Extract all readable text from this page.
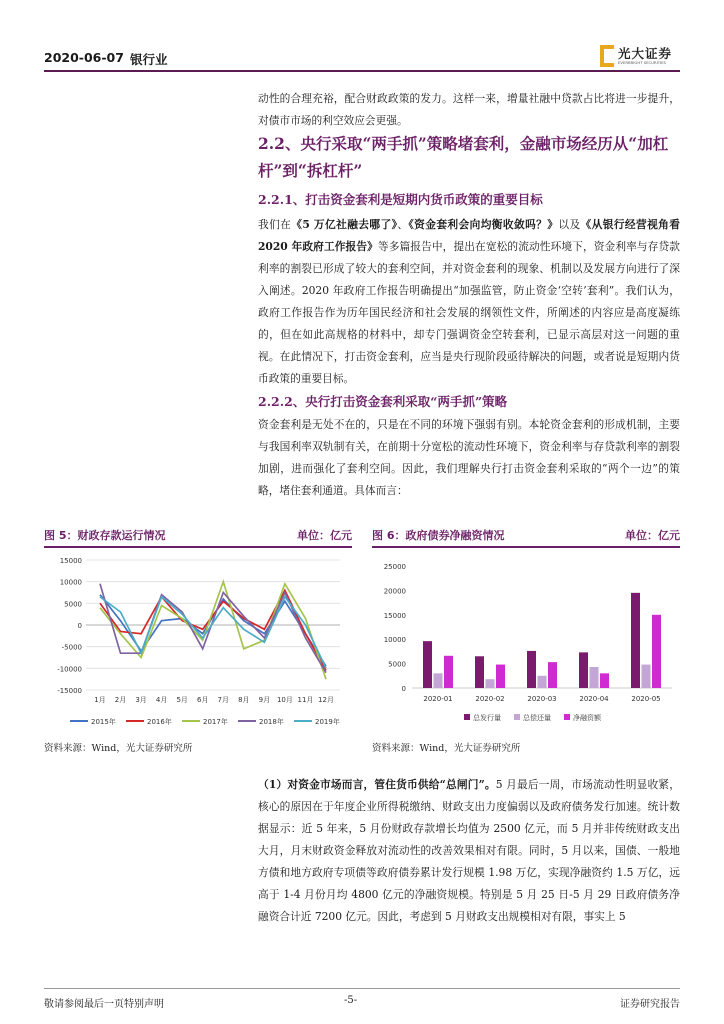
2020-06-07 银行业	光大证券
EVERBRIGHT SECURITIES

动性的合理充裕，配合财政政策的发力。这样一来，增量社融中贷款占比将进一步提升，对债市市场的利空效应会更强。

2.2、央行采取“两手抓”策略堵套利，金融市场经历从“加杠杆”到“拆杠杆”
2.2.1、打击资金套利是短期内货币政策的重要目标

我们在《5 万亿社融去哪了》、《资金套利会向均衡收敛吗？》以及《从银行经营视角看 2020 年政府工作报告》等多篇报告中，提出在宽松的流动性环境下，资金利率与存贷款利率的割裂已形成了较大的套利空间，并对资金套利的现象、机制以及发展方向进行了深入阐述。2020 年政府工作报告明确提出“加强监管，防止资金‘空转’套利”。我们认为，政府工作报告作为历年国民经济和社会发展的纲领性文件，所阐述的内容应是高度凝练的，但在如此高规格的材料中，却专门强调资金空转套利，已显示高层对这一问题的重视。在此情况下，打击资金套利，应当是央行现阶段亟待解决的问题，或者说是短期内货币政策的重要目标。

2.2.2、央行打击资金套利采取“两手抓”策略

资金套利是无处不在的，只是在不同的环境下强弱有别。本轮资金套利的形成机制，主要与我国利率双轨制有关，在前期十分宽松的流动性环境下，资金利率与存贷款利率的割裂加剧，进而强化了套利空间。因此，我们理解央行打击资金套利采取的“两个一边”的策略，堵住套利通道。具体而言：

图 5：财政存款运行情况	单位：亿元
15000
10000
5000
0
-5000
-10000
-15000
1月 2月 3月 4月 5月 6月 7月 8月 9月 10月 11月 12月
2015年	2016年	2017年	2018年	2019年
资料来源：Wind，光大证券研究所
图 6：政府债券净融资情况	单位：亿元
25000
20000
15000
10000
5000
0
2020-01	2020-02	2020-03	2020-04	2020-05
总发行量	总偿还量	净融资额
资料来源：Wind，光大证券研究所

（1）对资金市场而言，管住货币供给“总闸门”。5 月最后一周，市场流动性明显收紧，核心的原因在于年度企业所得税缴纳、财政支出力度偏弱以及政府债务发行加速。统计数据显示：近 5 年来，5 月份财政存款增长均值为 2500 亿元，而 5 月并非传统财政支出大月，月末财政资金释放对流动性的改善效果相对有限。同时，5 月以来，国债、一般地方债和地方政府专项债等政府债券累计发行规模 1.98 万亿，实现净融资约 1.5 万亿，远高于 1-4 月份月均 4800 亿元的净融资规模。特别是 5 月 25 日-5 月 29 日政府债务净融资合计近 7200 亿元。因此，考虑到 5 月财政支出规模相对有限，事实上 5

敬请参阅最后一页特别声明	-5-	证券研究报告
